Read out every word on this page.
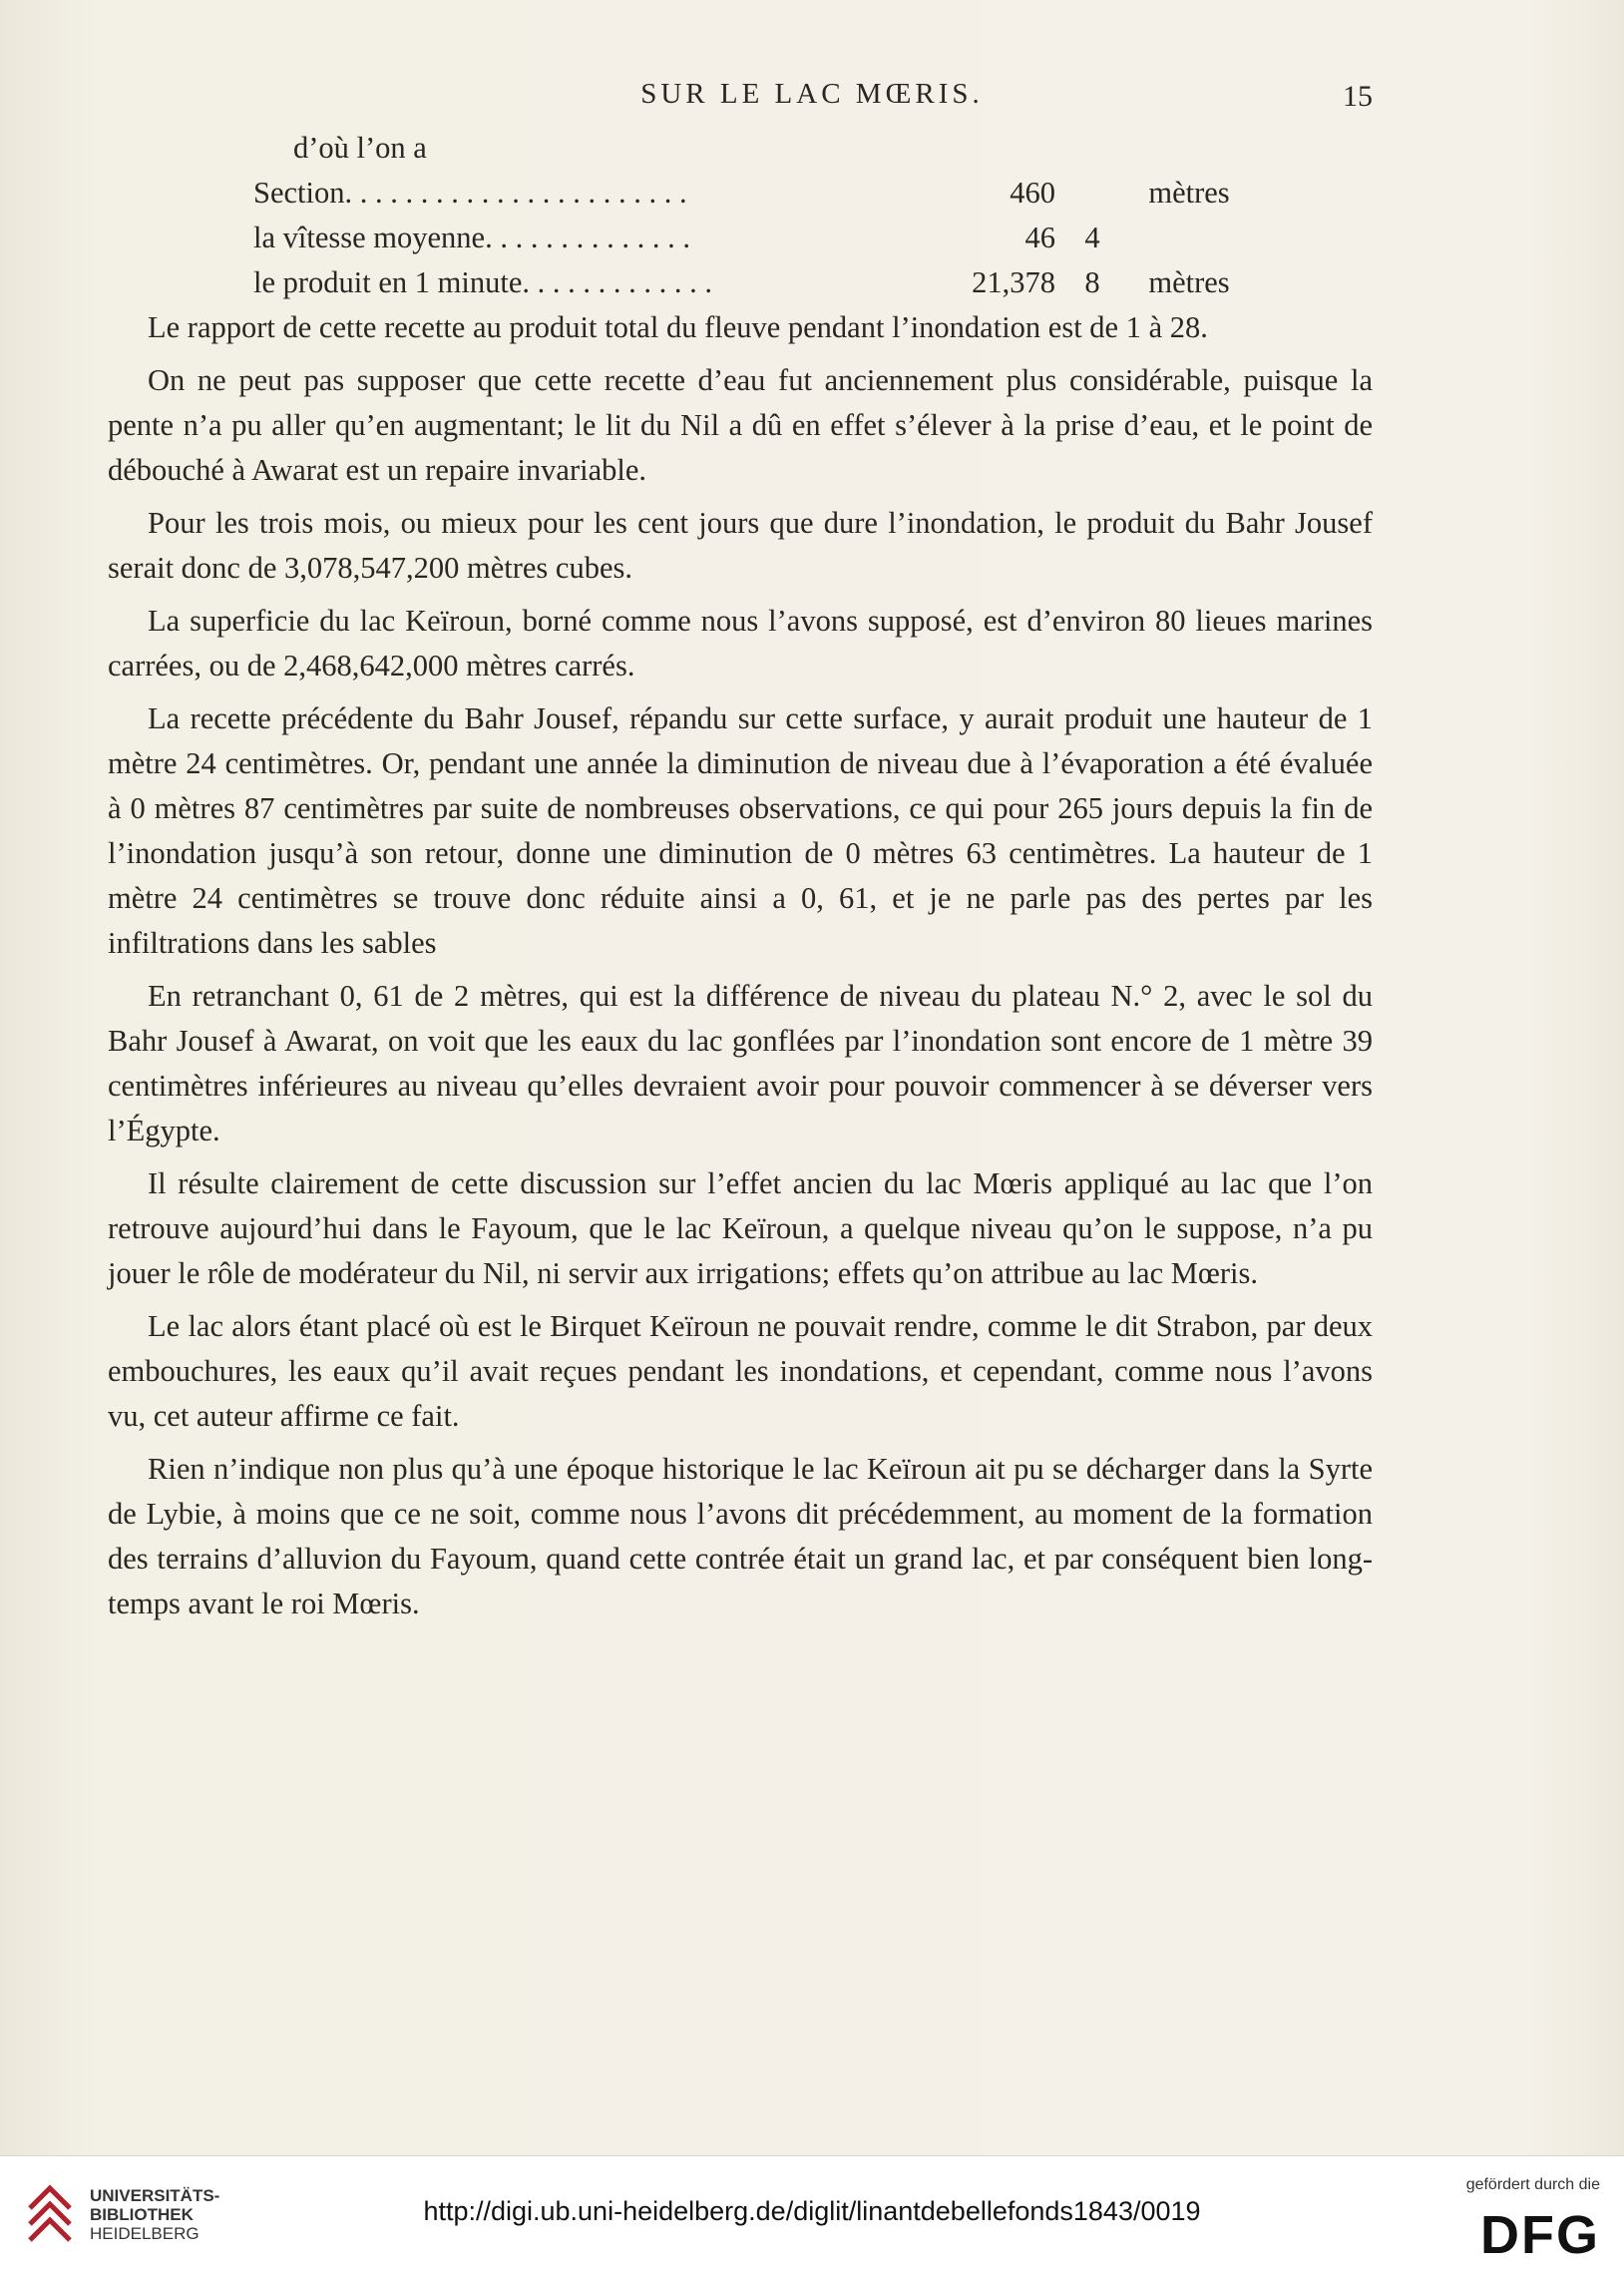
SUR LE LAC MŒRIS.	15
d’où l’on a
Section. . . . . . . . . . . . . . . . . . . . . . .	460	mètres
la vîtesse moyenne. . . . . . . . . . . . . .	46 4
le produit en 1 minute. . . . . . . . . . . . .	21,378 8	mètres

Le rapport de cette recette au produit total du fleuve pendant l’inondation est de 1 à 28.

On ne peut pas supposer que cette recette d’eau fut anciennement plus considérable, puisque la pente n’a pu aller qu’en augmentant; le lit du Nil a dû en effet s’élever à la prise d’eau, et le point de débouché à Awarat est un repaire invariable.

Pour les trois mois, ou mieux pour les cent jours que dure l’inondation, le produit du Bahr Jousef serait donc de 3,078,547,200 mètres cubes.

La superficie du lac Keïroun, borné comme nous l’avons supposé, est d’environ 80 lieues marines carrées, ou de 2,468,642,000 mètres carrés.

La recette précédente du Bahr Jousef, répandu sur cette surface, y aurait produit une hauteur de 1 mètre 24 centimètres. Or, pendant une année la diminution de niveau due à l’évaporation a été évaluée à 0 mètres 87 centimètres par suite de nombreuses observations, ce qui pour 265 jours depuis la fin de l’inondation jusqu’à son retour, donne une diminution de 0 mètres 63 centimètres. La hauteur de 1 mètre 24 centimètres se trouve donc réduite ainsi a 0, 61, et je ne parle pas des pertes par les infiltrations dans les sables

En retranchant 0, 61 de 2 mètres, qui est la différence de niveau du plateau N.° 2, avec le sol du Bahr Jousef à Awarat, on voit que les eaux du lac gonflées par l’inondation sont encore de 1 mètre 39 centimètres inférieures au niveau qu’elles devraient avoir pour pouvoir commencer à se déverser vers l’Égypte.

Il résulte clairement de cette discussion sur l’effet ancien du lac Mœris appliqué au lac que l’on retrouve aujourd’hui dans le Fayoum, que le lac Keïroun, a quelque niveau qu’on le suppose, n’a pu jouer le rôle de modérateur du Nil, ni servir aux irrigations; effets qu’on attribue au lac Mœris.

Le lac alors étant placé où est le Birquet Keïroun ne pouvait rendre, comme le dit Strabon, par deux embouchures, les eaux qu’il avait reçues pendant les inondations, et cependant, comme nous l’avons vu, cet auteur affirme ce fait.

Rien n’indique non plus qu’à une époque historique le lac Keïroun ait pu se décharger dans la Syrte de Lybie, à moins que ce ne soit, comme nous l’avons dit précédemment, au moment de la formation des terrains d’alluvion du Fayoum, quand cette contrée était un grand lac, et par conséquent bien long-temps avant le roi Mœris.

UNIVERSITÄTS-
BIBLIOTHEK
HEIDELBERG
http://digi.ub.uni-heidelberg.de/diglit/linantdebellefonds1843/0019
gefördert durch die
DFG
